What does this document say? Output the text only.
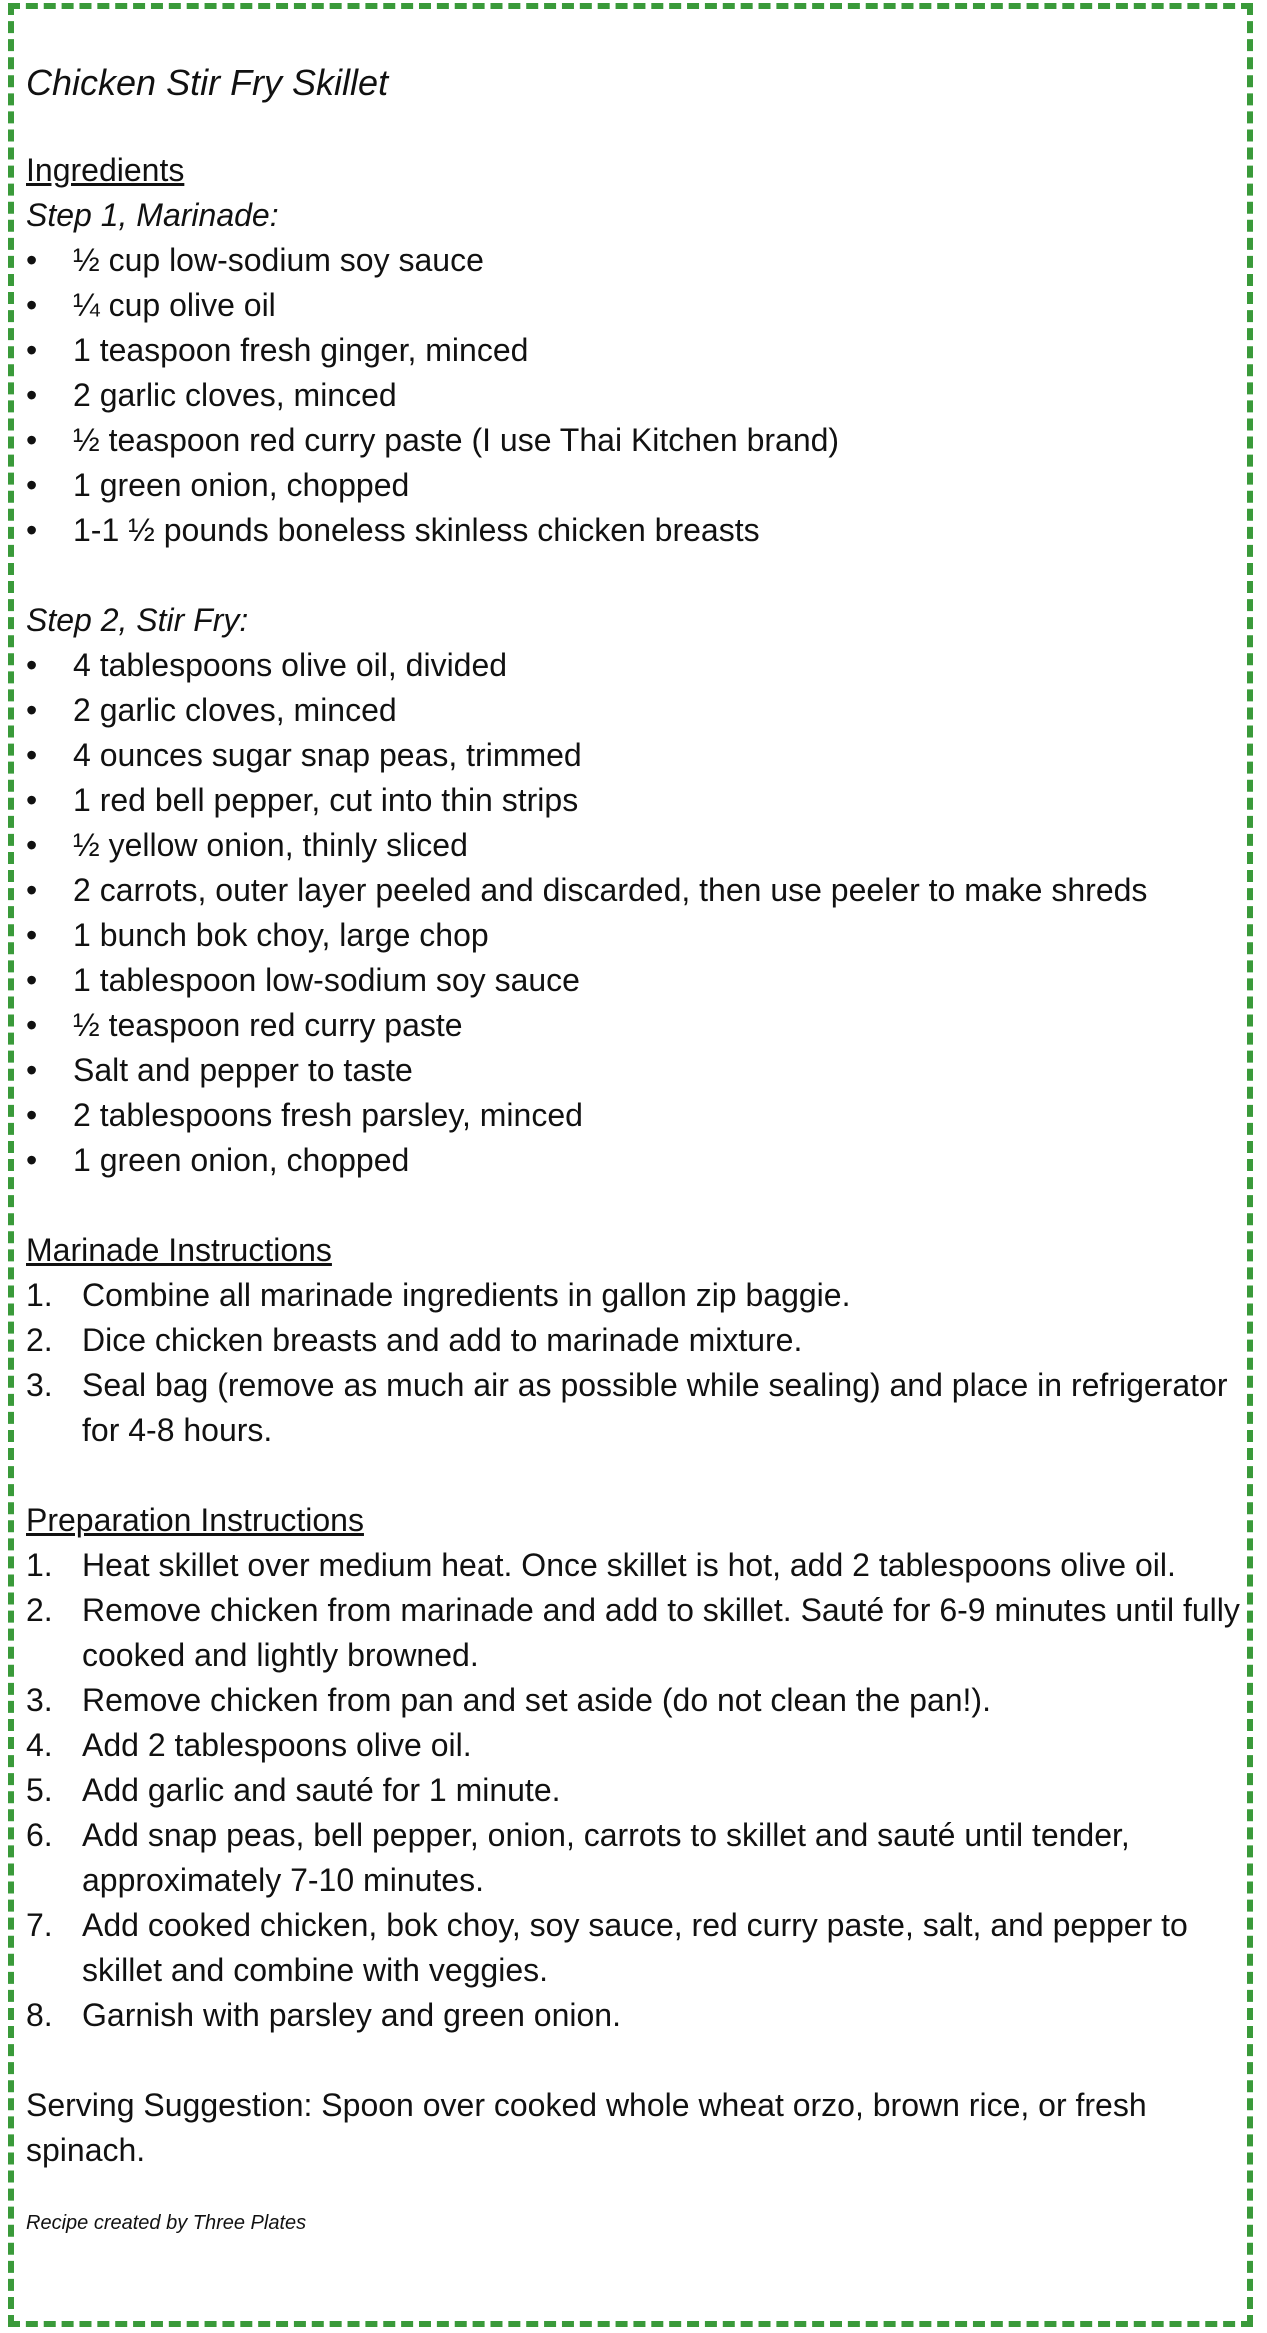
Chicken Stir Fry Skillet
Ingredients
Step 1, Marinade:
• ½ cup low-sodium soy sauce
• ¼ cup olive oil
• 1 teaspoon fresh ginger, minced
• 2 garlic cloves, minced
• ½ teaspoon red curry paste (I use Thai Kitchen brand)
• 1 green onion, chopped
• 1-1 ½ pounds boneless skinless chicken breasts
Step 2, Stir Fry:
• 4 tablespoons olive oil, divided
• 2 garlic cloves, minced
• 4 ounces sugar snap peas, trimmed
• 1 red bell pepper, cut into thin strips
• ½ yellow onion, thinly sliced
• 2 carrots, outer layer peeled and discarded, then use peeler to make shreds
• 1 bunch bok choy, large chop
• 1 tablespoon low-sodium soy sauce
• ½ teaspoon red curry paste
• Salt and pepper to taste
• 2 tablespoons fresh parsley, minced
• 1 green onion, chopped
Marinade Instructions
1. Combine all marinade ingredients in gallon zip baggie.
2. Dice chicken breasts and add to marinade mixture.
3. Seal bag (remove as much air as possible while sealing) and place in refrigerator for 4-8 hours.
Preparation Instructions
1. Heat skillet over medium heat. Once skillet is hot, add 2 tablespoons olive oil.
2. Remove chicken from marinade and add to skillet. Sauté for 6-9 minutes until fully cooked and lightly browned.
3. Remove chicken from pan and set aside (do not clean the pan!).
4. Add 2 tablespoons olive oil.
5. Add garlic and sauté for 1 minute.
6. Add snap peas, bell pepper, onion, carrots to skillet and sauté until tender, approximately 7-10 minutes.
7. Add cooked chicken, bok choy, soy sauce, red curry paste, salt, and pepper to skillet and combine with veggies.
8. Garnish with parsley and green onion.

Serving Suggestion: Spoon over cooked whole wheat orzo, brown rice, or fresh spinach.

Recipe created by Three Plates
